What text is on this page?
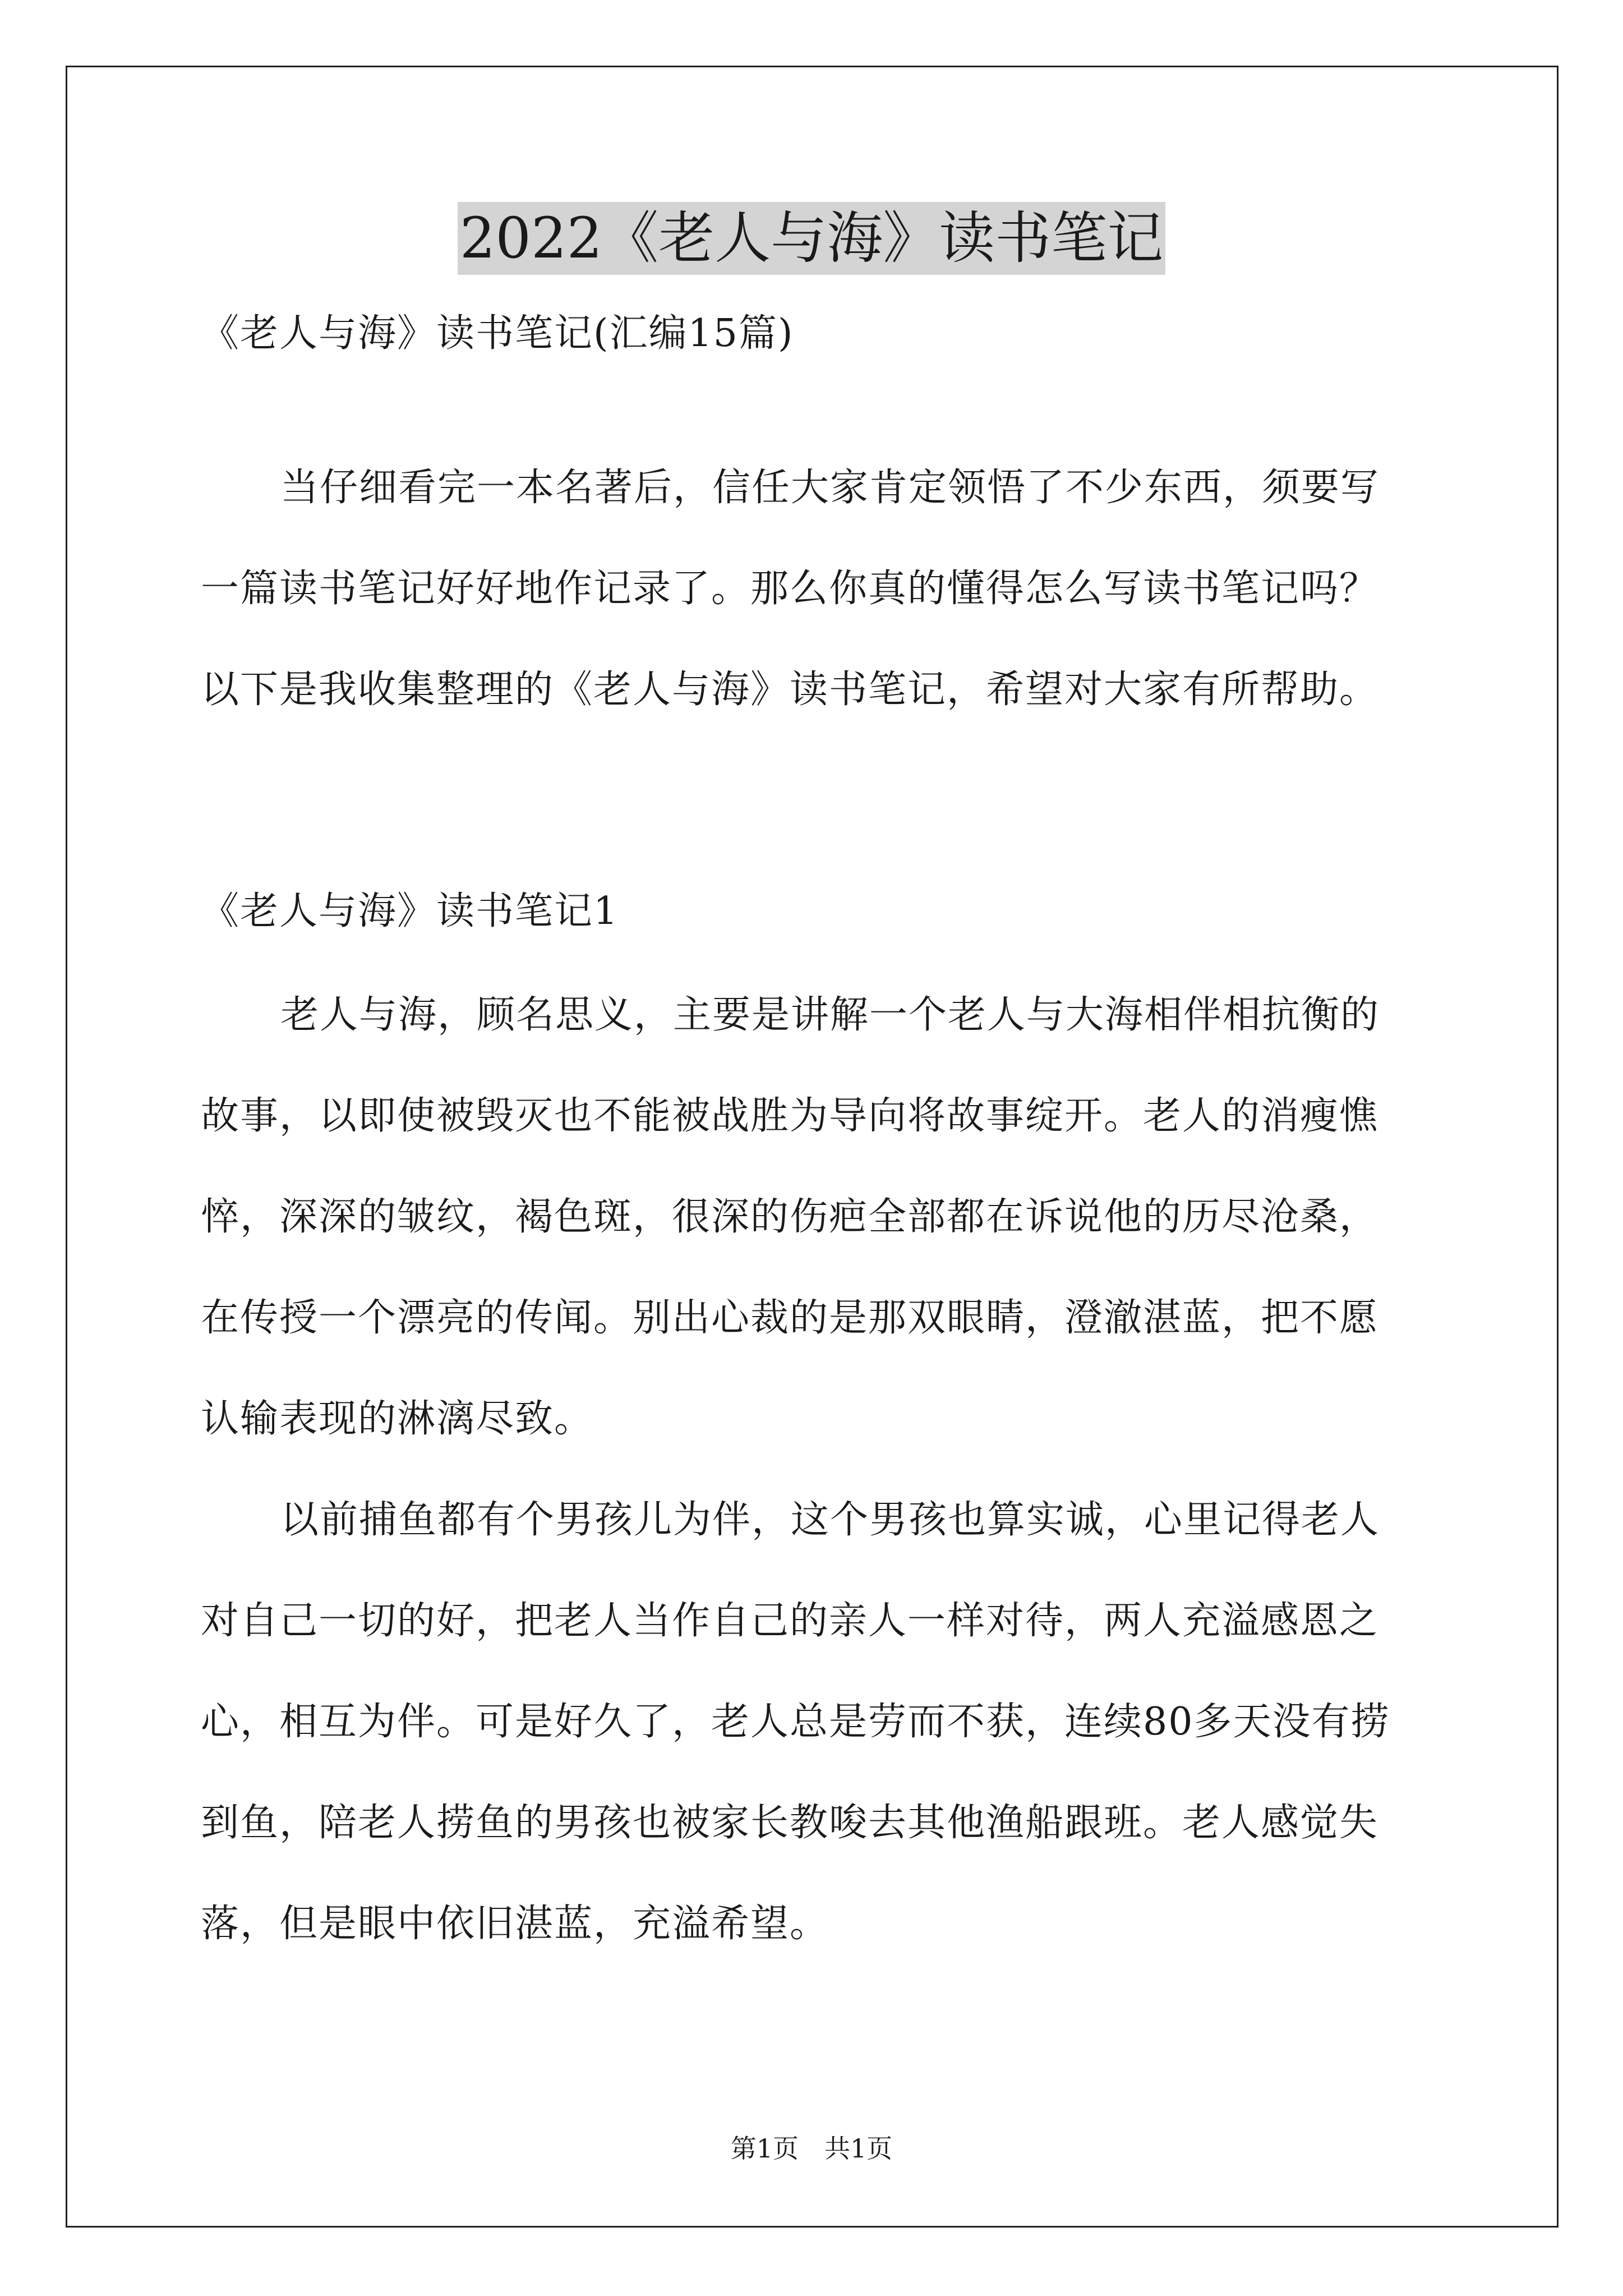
2022《老人与海》读书笔记
《老人与海》读书笔记(汇编15篇)
当仔细看完一本名著后，信任大家肯定领悟了不少东西，须要写
一篇读书笔记好好地作记录了。那么你真的懂得怎么写读书笔记吗？
以下是我收集整理的《老人与海》读书笔记，希望对大家有所帮助。
《老人与海》读书笔记1
老人与海，顾名思义，主要是讲解一个老人与大海相伴相抗衡的
故事，以即使被毁灭也不能被战胜为导向将故事绽开。老人的消瘦憔
悴，深深的皱纹，褐色斑，很深的伤疤全部都在诉说他的历尽沧桑，
在传授一个漂亮的传闻。别出心裁的是那双眼睛，澄澈湛蓝，把不愿
认输表现的淋漓尽致。
以前捕鱼都有个男孩儿为伴，这个男孩也算实诚，心里记得老人
对自己一切的好，把老人当作自己的亲人一样对待，两人充溢感恩之
心，相互为伴。可是好久了，老人总是劳而不获，连续80多天没有捞
到鱼，陪老人捞鱼的男孩也被家长教唆去其他渔船跟班。老人感觉失
落，但是眼中依旧湛蓝，充溢希望。
第1页　共1页
